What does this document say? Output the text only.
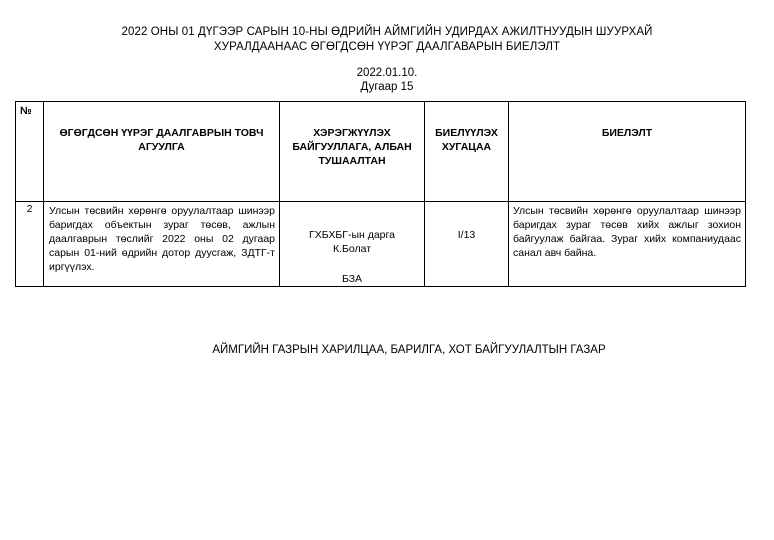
2022 ОНЫ 01 ДҮГЭЭР САРЫН 10-НЫ ӨДРИЙН АЙМГИЙН УДИРДАХ АЖИЛТНУУДЫН ШУУРХАЙ
ХУРАЛДААНААС ӨГӨГДСӨН ҮҮРЭГ ДААЛГАВАРЫН БИЕЛЭЛТ
2022.01.10.
Дугаар 15
№	ӨГӨГДСӨН ҮҮРЭГ ДААЛГАВРЫН ТОВЧ АГУУЛГА	ХЭРЭГЖҮҮЛЭХ БАЙГУУЛЛАГА, АЛБАН ТУШААЛТАН	БИЕЛҮҮЛЭХ ХУГАЦАА	БИЕЛЭЛТ
2	Улсын төсвийн хөрөнгө оруулалтаар шинээр баригдах объектын зураг төсөв, ажлын даалгаврын төслийг 2022 оны 02 дугаар сарын 01-ний өдрийн дотор дуусгаж, ЗДТГ-т иргүүлэх.	ГХБХБГ-ын дарга
К.Болат
БЗА	I/13	Улсын төсвийн хөрөнгө оруулалтаар шинээр баригдах зураг төсөв хийх ажлыг зохион байгуулаж байгаа. Зураг хийх компаниудаас санал авч байна.
АЙМГИЙН ГАЗРЫН ХАРИЛЦАА, БАРИЛГА, ХОТ БАЙГУУЛАЛТЫН ГАЗАР
